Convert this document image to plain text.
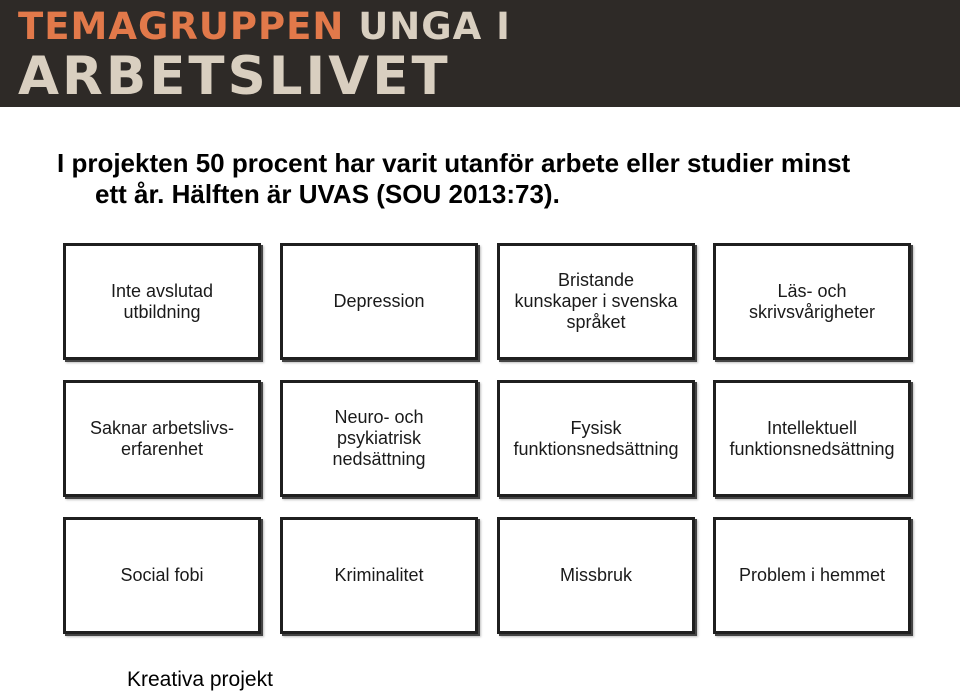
TEMAGRUPPEN UNGA I
ARBETSLIVET
I projekten 50 procent har varit utanför arbete eller studier minst
ett år. Hälften är UVAS (SOU 2013:73).
Inte avslutad
utbildning
Depression
Bristande
kunskaper i svenska
språket
Läs- och
skrivsvårigheter
Saknar arbetslivs-
erfarenhet
Neuro- och
psykiatrisk
nedsättning
Fysisk
funktionsnedsättning
Intellektuell
funktionsnedsättning
Social fobi	Kriminalitet	Missbruk	Problem i hemmet
Kreativa projekt
